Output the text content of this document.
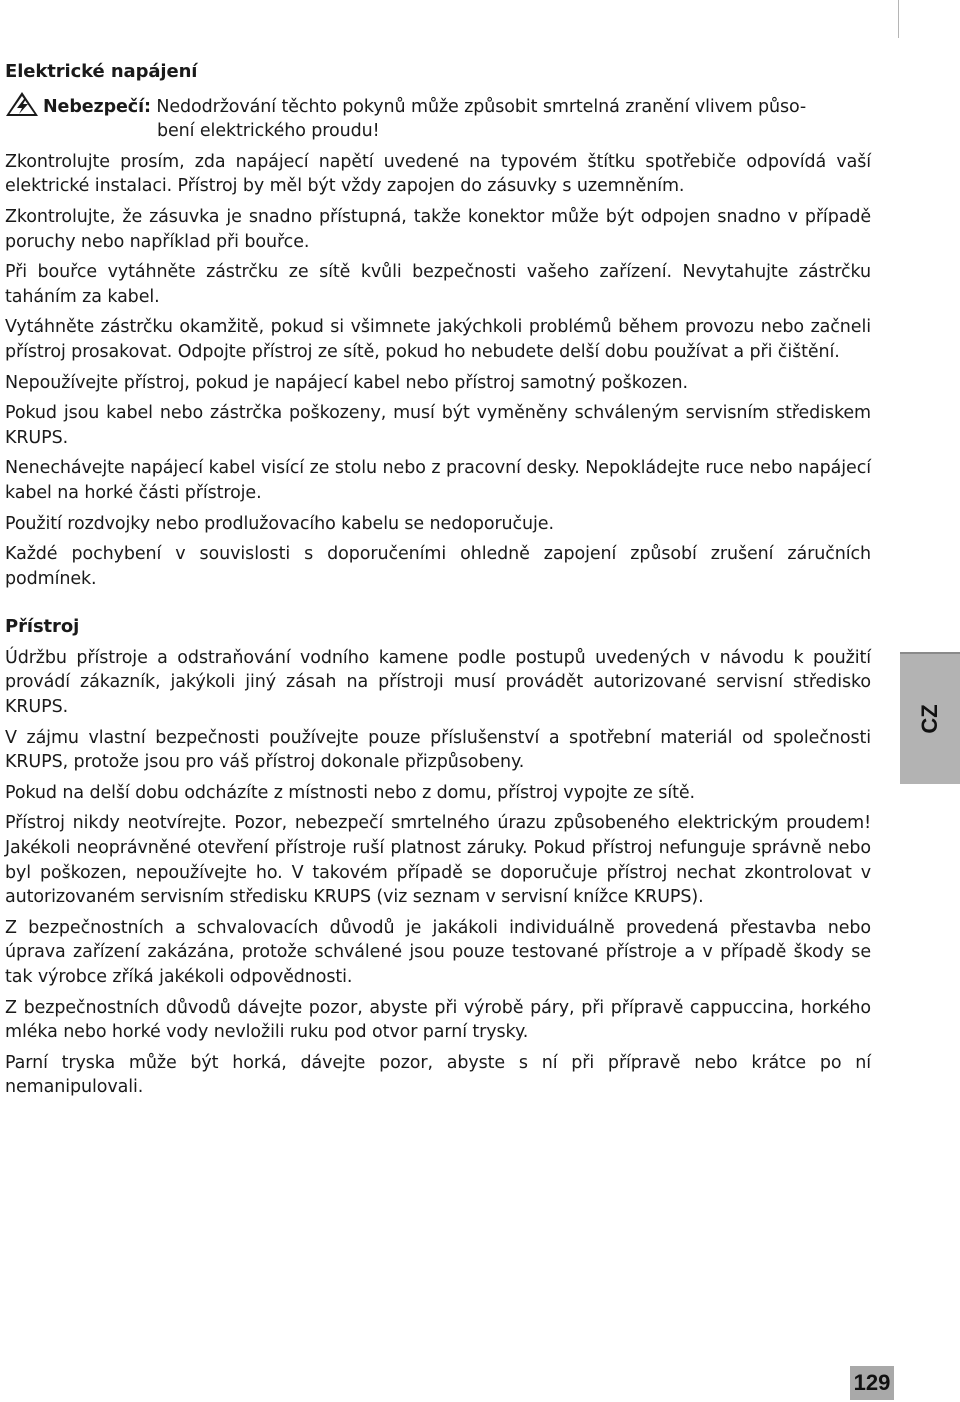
Elektrické napájení
Nebezpečí: Nedodržování těchto pokynů může způsobit smrtelná zranění vlivem půso-
bení elektrického proudu!

Zkontrolujte prosím, zda napájecí napětí uvedené na typovém štítku spotřebiče odpovídá vaší elektrické instalaci. Přístroj by měl být vždy zapojen do zásuvky s uzemněním.

Zkontrolujte, že zásuvka je snadno přístupná, takže konektor může být odpojen snadno v případě poruchy nebo například při bouřce.

Při bouřce vytáhněte zástrčku ze sítě kvůli bezpečnosti vašeho zařízení. Nevytahujte zástrčku taháním za kabel.

Vytáhněte zástrčku okamžitě, pokud si všimnete jakýchkoli problémů během provozu nebo začneli přístroj prosakovat. Odpojte přístroj ze sítě, pokud ho nebudete delší dobu používat a při čištění.

Nepoužívejte přístroj, pokud je napájecí kabel nebo přístroj samotný poškozen.

Pokud jsou kabel nebo zástrčka poškozeny, musí být vyměněny schváleným servisním střediskem KRUPS.

Nenechávejte napájecí kabel visící ze stolu nebo z pracovní desky. Nepokládejte ruce nebo napájecí kabel na horké části přístroje.

Použití rozdvojky nebo prodlužovacího kabelu se nedoporučuje.

Každé pochybení v souvislosti s doporučeními ohledně zapojení způsobí zrušení záručních podmínek.

Přístroj

Údržbu přístroje a odstraňování vodního kamene podle postupů uvedených v návodu k použití provádí zákazník, jakýkoli jiný zásah na přístroji musí provádět autorizované servisní středisko KRUPS.

V zájmu vlastní bezpečnosti používejte pouze příslušenství a spotřební materiál od společnosti KRUPS, protože jsou pro váš přístroj dokonale přizpůsobeny.

Pokud na delší dobu odcházíte z místnosti nebo z domu, přístroj vypojte ze sítě.

Přístroj nikdy neotvírejte. Pozor, nebezpečí smrtelného úrazu způsobeného elektrickým proudem! Jakékoli neoprávněné otevření přístroje ruší platnost záruky. Pokud přístroj nefunguje správně nebo byl poškozen, nepoužívejte ho. V takovém případě se doporučuje přístroj nechat zkontrolovat v autorizovaném servisním středisku KRUPS (viz seznam v servisní knížce KRUPS).

Z bezpečnostních a schvalovacích důvodů je jakákoli individuálně provedená přestavba nebo úprava zařízení zakázána, protože schválené jsou pouze testované přístroje a v případě škody se tak výrobce zříká jakékoli odpovědnosti.

Z bezpečnostních důvodů dávejte pozor, abyste při výrobě páry, při přípravě cappuccina, horkého mléka nebo horké vody nevložili ruku pod otvor parní trysky.

Parní tryska může být horká, dávejte pozor, abyste s ní při přípravě nebo krátce po ní nemanipulovali.

CZ
129
